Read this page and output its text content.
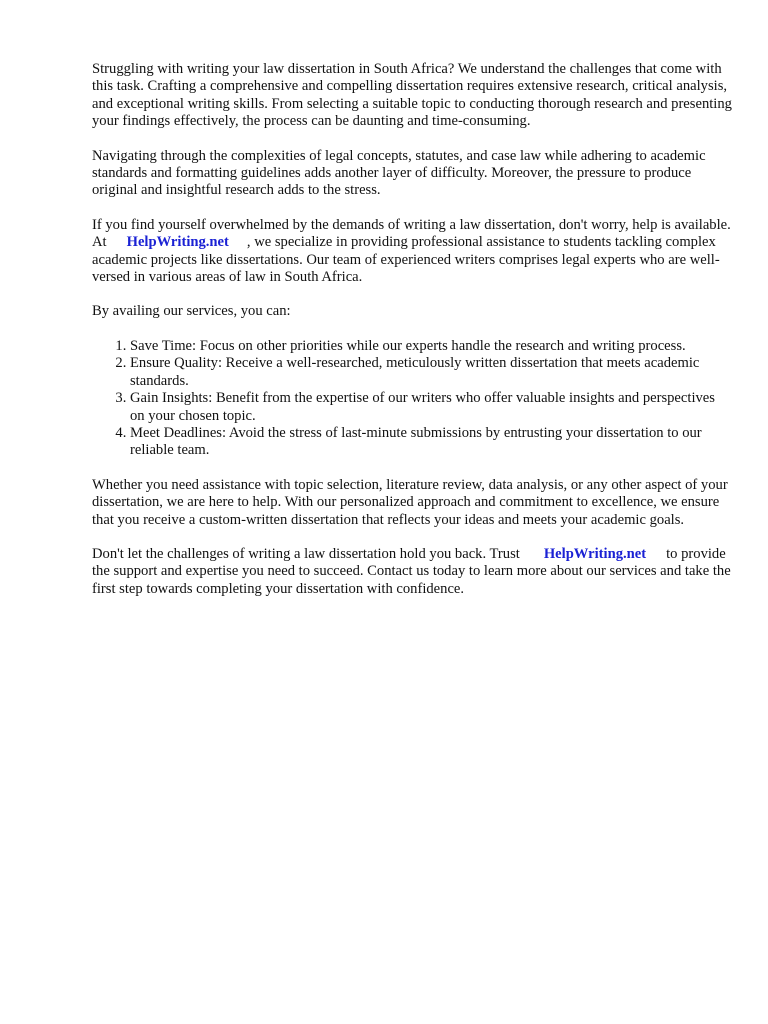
Struggling with writing your law dissertation in South Africa? We understand the challenges that come with this task. Crafting a comprehensive and compelling dissertation requires extensive research, critical analysis, and exceptional writing skills. From selecting a suitable topic to conducting thorough research and presenting your findings effectively, the process can be daunting and time-consuming.

Navigating through the complexities of legal concepts, statutes, and case law while adhering to academic standards and formatting guidelines adds another layer of difficulty. Moreover, the pressure to produce original and insightful research adds to the stress.

If you find yourself overwhelmed by the demands of writing a law dissertation, don't worry, help is available. At HelpWriting.net , we specialize in providing professional assistance to students tackling complex academic projects like dissertations. Our team of experienced writers comprises legal experts who are well-versed in various areas of law in South Africa.

By availing our services, you can:

1. Save Time: Focus on other priorities while our experts handle the research and writing process.
2. Ensure Quality: Receive a well-researched, meticulously written dissertation that meets academic standards.
3. Gain Insights: Benefit from the expertise of our writers who offer valuable insights and perspectives on your chosen topic.
4. Meet Deadlines: Avoid the stress of last-minute submissions by entrusting your dissertation to our reliable team.

Whether you need assistance with topic selection, literature review, data analysis, or any other aspect of your dissertation, we are here to help. With our personalized approach and commitment to excellence, we ensure that you receive a custom-written dissertation that reflects your ideas and meets your academic goals.

Don't let the challenges of writing a law dissertation hold you back. Trust HelpWriting.net to provide the support and expertise you need to succeed. Contact us today to learn more about our services and take the first step towards completing your dissertation with confidence.
